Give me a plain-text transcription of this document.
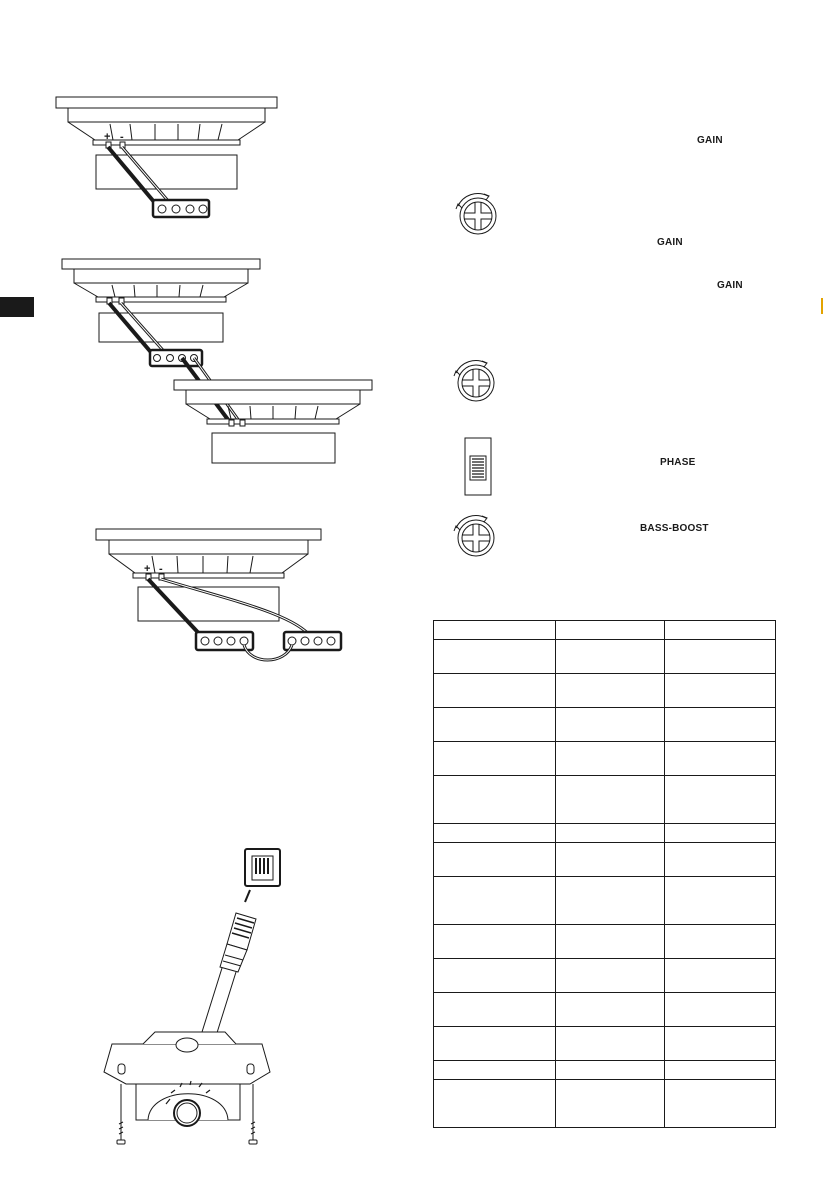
+ -
+ -
GAIN
GAIN
GAIN
PHASE
BASS-BOOST
